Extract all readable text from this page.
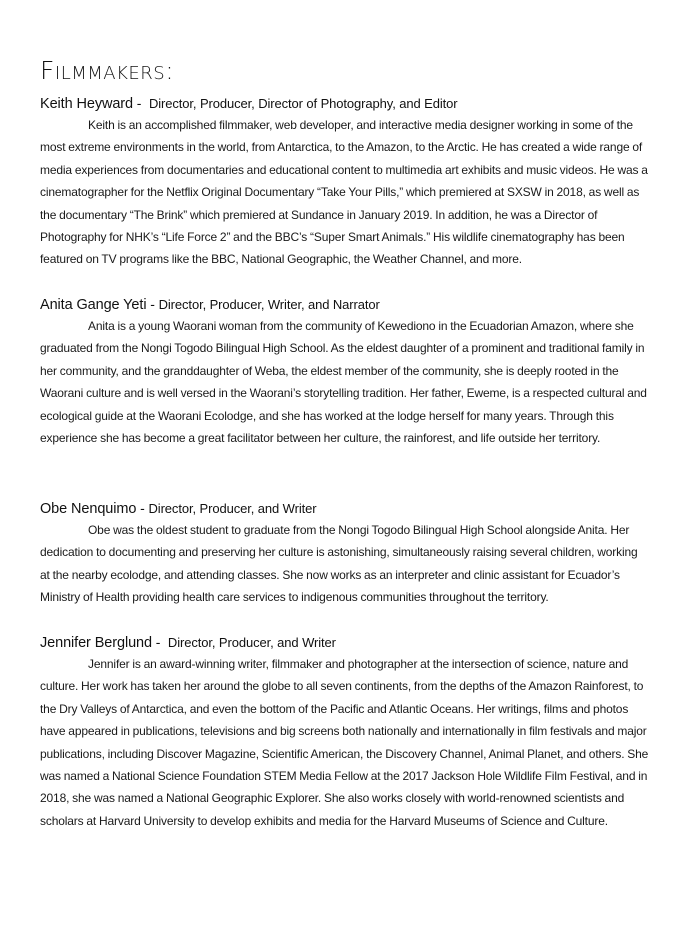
Filmmakers:
Keith Heyward -  Director, Producer, Director of Photography, and Editor

Keith is an accomplished filmmaker, web developer, and interactive media designer working in some of the most extreme environments in the world, from Antarctica, to the Amazon, to the Arctic. He has created a wide range of media experiences from documentaries and educational content to multimedia art exhibits and music videos. He was a cinematographer for the Netflix Original Documentary “Take Your Pills,” which premiered at SXSW in 2018, as well as the documentary “The Brink” which premiered at Sundance in January 2019. In addition, he was a Director of Photography for NHK’s “Life Force 2” and the BBC’s “Super Smart Animals.” His wildlife cinematography has been featured on TV programs like the BBC, National Geographic, the Weather Channel, and more.

Anita Gange Yeti - Director, Producer, Writer, and Narrator

Anita is a young Waorani woman from the community of Kewediono in the Ecuadorian Amazon, where she graduated from the Nongi Togodo Bilingual High School. As the eldest daughter of a prominent and traditional family in her community, and the granddaughter of Weba, the eldest member of the community, she is deeply rooted in the Waorani culture and is well versed in the Waorani’s storytelling tradition. Her father, Eweme, is a respected cultural and ecological guide at the Waorani Ecolodge, and she has worked at the lodge herself for many years. Through this experience she has become a great facilitator between her culture, the rainforest, and life outside her territory.

Obe Nenquimo - Director, Producer, and Writer

Obe was the oldest student to graduate from the Nongi Togodo Bilingual High School alongside Anita. Her dedication to documenting and preserving her culture is astonishing, simultaneously raising several children, working at the nearby ecolodge, and attending classes. She now works as an interpreter and clinic assistant for Ecuador’s Ministry of Health providing health care services to indigenous communities throughout the territory.

Jennifer Berglund -  Director, Producer, and Writer

Jennifer is an award-winning writer, filmmaker and photographer at the intersection of science, nature and culture. Her work has taken her around the globe to all seven continents, from the depths of the Amazon Rainforest, to the Dry Valleys of Antarctica, and even the bottom of the Pacific and Atlantic Oceans. Her writings, films and photos have appeared in publications, televisions and big screens both nationally and internationally in film festivals and major publications, including Discover Magazine, Scientific American, the Discovery Channel, Animal Planet, and others. She was named a National Science Foundation STEM Media Fellow at the 2017 Jackson Hole Wildlife Film Festival, and in 2018, she was named a National Geographic Explorer. She also works closely with world-renowned scientists and scholars at Harvard University to develop exhibits and media for the Harvard Museums of Science and Culture.
